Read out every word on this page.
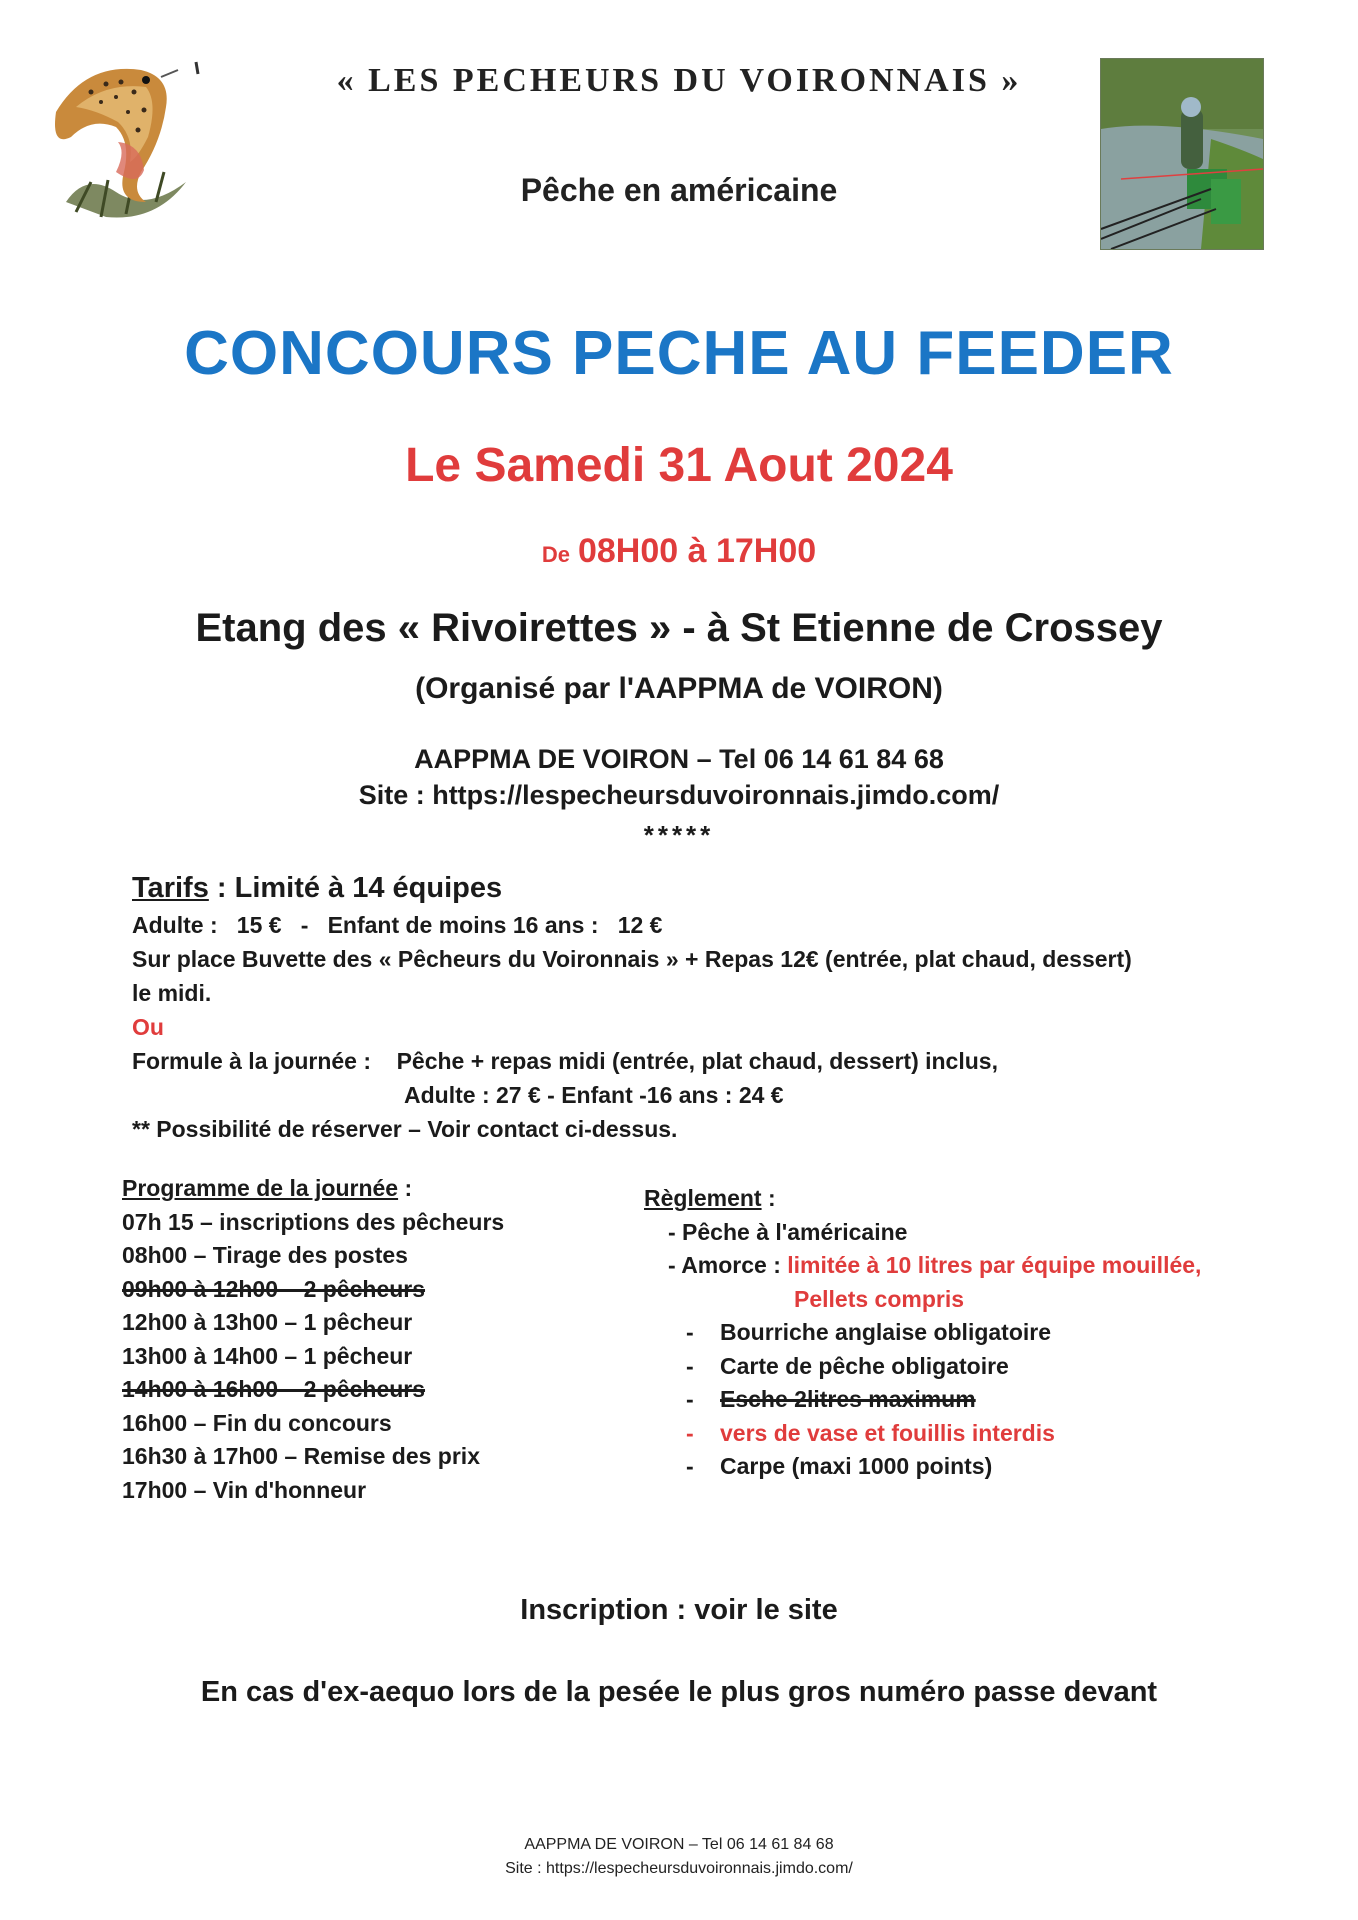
« LES PECHEURS DU VOIRONNAIS »
Pêche en américaine
CONCOURS PECHE AU FEEDER
Le Samedi 31 Aout 2024
De 08H00 à 17H00
Etang des « Rivoirettes » - à St Etienne de Crossey
(Organisé par l'AAPPMA de VOIRON)
AAPPMA DE VOIRON – Tel 06 14 61 84 68
Site : https://lespecheursduvoironnais.jimdo.com/
*****
Tarifs : Limité à 14 équipes
Adulte : 15 € - Enfant de moins 16 ans : 12 €
Sur place Buvette des « Pêcheurs du Voironnais » + Repas 12€ (entrée, plat chaud, dessert)
le midi.
Ou
Formule à la journée : Pêche + repas midi (entrée, plat chaud, dessert) inclus,
Adulte : 27 € - Enfant -16 ans : 24 €
** Possibilité de réserver – Voir contact ci-dessus.
Programme de la journée :
07h 15 – inscriptions des pêcheurs
08h00 – Tirage des postes
09h00 à 12h00 – 2 pêcheurs
12h00 à 13h00 – 1 pêcheur
13h00 à 14h00 – 1 pêcheur
14h00 à 16h00 – 2 pêcheurs
16h00 – Fin du concours
16h30 à 17h00 – Remise des prix
17h00 – Vin d'honneur
Règlement :
- Pêche à l'américaine
- Amorce : limitée à 10 litres par équipe mouillée,
Pellets compris
- Bourriche anglaise obligatoire
- Carte de pêche obligatoire
- Esche 2litres maximum
- vers de vase et fouillis interdis
- Carpe (maxi 1000 points)
Inscription : voir le site
En cas d'ex-aequo lors de la pesée le plus gros numéro passe devant
AAPPMA DE VOIRON – Tel 06 14 61 84 68
Site : https://lespecheursduvoironnais.jimdo.com/
